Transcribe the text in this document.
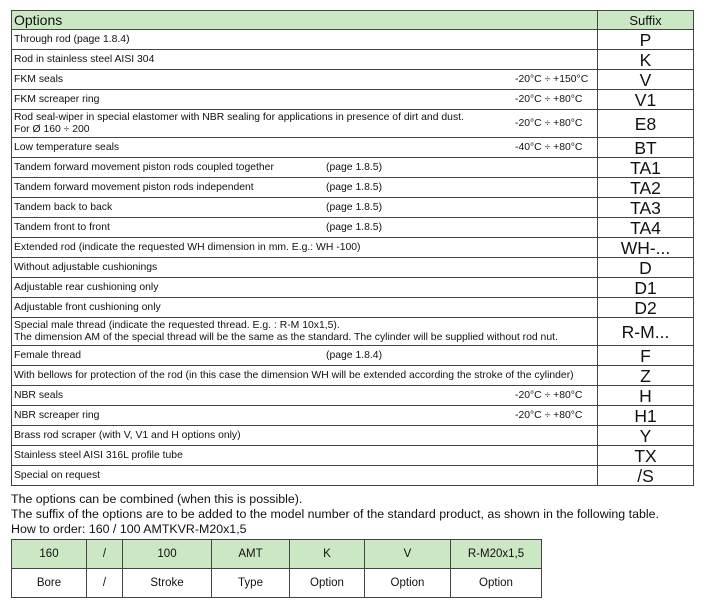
Options	Suffix

Through rod (page 1.8.4)	P

Rod in stainless steel AISI 304	K

FKM seals -20°C ÷ +150°C	V

FKM screaper ring -20°C ÷ +80°C	V1

Rod seal-wiper in special elastomer with NBR sealing for applications in presence of dirt and dust.
For Ø 160 ÷ 200
-20°C ÷ +80°C	E8

Low temperature seals -40°C ÷ +80°C	BT

Tandem forward movement piston rods coupled together (page 1.8.5)	TA1

Tandem forward movement piston rods independent (page 1.8.5)	TA2

Tandem back to back (page 1.8.5)	TA3

Tandem front to front (page 1.8.5)	TA4

Extended rod (indicate the requested WH dimension in mm. E.g.: WH -100)	WH-...

Without adjustable cushionings	D

Adjustable rear cushioning only	D1

Adjustable front cushioning only	D2

Special male thread (indicate the requested thread. E.g. : R-M 10x1,5).
The dimension AM of the special thread will be the same as the standard. The cylinder will be supplied without rod nut.	R-M...

Female thread (page 1.8.4)	F

With bellows for protection of the rod (in this case the dimension WH will be extended according the stroke of the cylinder)	Z

NBR seals -20°C ÷ +80°C	H

NBR screaper ring -20°C ÷ +80°C	H1

Brass rod scraper (with V, V1 and H options only)	Y

Stainless steel AISI 316L profile tube	TX

Special on request	/S
The options can be combined (when this is possible).
The suffix of the options are to be added to the model number of the standard product, as shown in the following table.
How to order: 160 / 100 AMTKVR-M20x1,5
160	/	100	AMT	K	V	R-M20x1,5
Bore	/	Stroke	Type	Option	Option	Option
